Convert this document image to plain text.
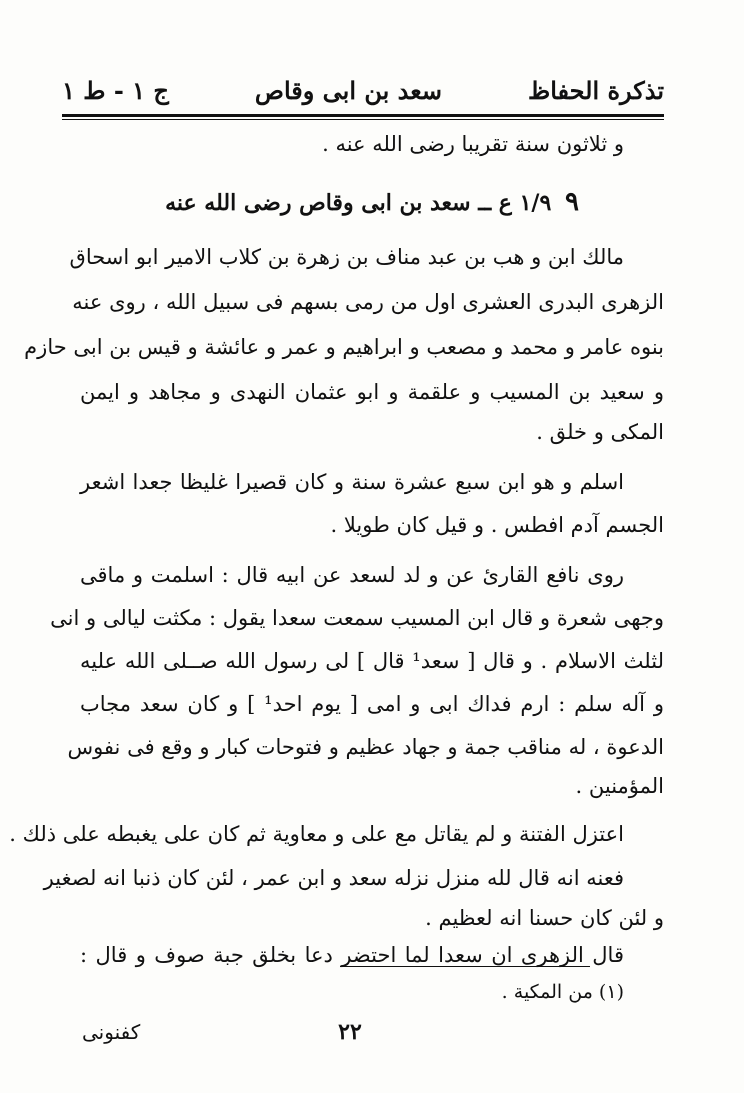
تذكرة الحفاظ
سعد بن ابى وقاص
ج ١ - ط ١
و ثلاثون سنة تقريبا رضى الله عنه .
٩ ١/٩ ع ــ سعد بن ابى وقاص رضى الله عنه
مالك ابن و هب بن عبد مناف بن زهرة بن كلاب الامير ابو اسحاق
الزهرى البدرى العشرى اول من رمى بسهم فى سبيل الله ، روى عنه
بنوه عامر و محمد و مصعب و ابراهيم و عمر و عائشة و قيس بن ابى حازم
و سعيد بن المسيب و علقمة و ابو عثمان النهدى و مجاهد و ايمن
المكى و خلق .
اسلم و هو ابن سبع عشرة سنة و كان قصيرا غليظا جعدا اشعر
الجسم آدم افطس . و قيل كان طويلا .
روى نافع القارئ عن و لد لسعد عن ابيه قال : اسلمت و ماقى
وجهى شعرة و قال ابن المسيب سمعت سعدا يقول : مكثت ليالى و انى
لثلث الاسلام . و قال [ سعد¹ قال ] لى رسول الله صــلى الله عليه
و آله سلم : ارم فداك ابى و امى [ يوم احد¹ ] و كان سعد مجاب
الدعوة ، له مناقب جمة و جهاد عظيم و فتوحات كبار و وقع فى نفوس
المؤمنين .
اعتزل الفتنة و لم يقاتل مع على و معاوية ثم كان على يغبطه على ذلك .
فعنه انه قال لله منزل نزله سعد و ابن عمر ، لئن كان ذنبا انه لصغير
و لئن كان حسنا انه لعظيم .
قال الزهرى ان سعدا لما احتضر دعا بخلق جبة صوف و قال :
(١) من المكية .
٢٢
كفنونى
